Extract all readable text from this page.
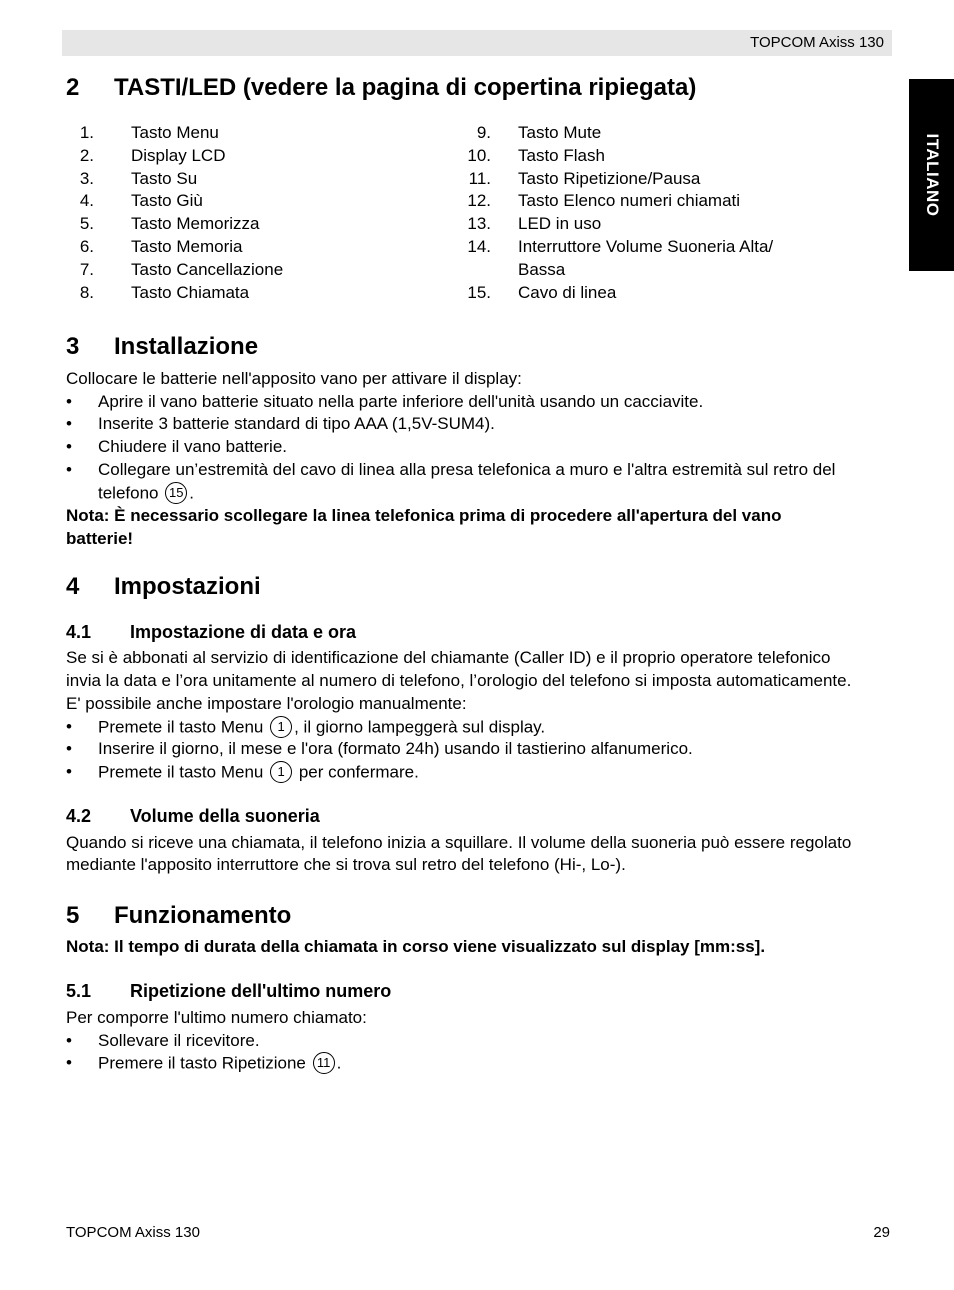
TOPCOM Axiss 130
ITALIANO
2 TASTI/LED (vedere la pagina di copertina ripiegata)
1. Tasto Menu
2. Display LCD
3. Tasto Su
4. Tasto Giù
5. Tasto Memorizza
6. Tasto Memoria
7. Tasto Cancellazione
8. Tasto Chiamata
9. Tasto Mute
10. Tasto Flash
11. Tasto Ripetizione/Pausa
12. Tasto Elenco numeri chiamati
13. LED in uso
14. Interruttore Volume Suoneria Alta/
Bassa
15. Cavo di linea
3 Installazione
Collocare le batterie nell'apposito vano per attivare il display:
• Aprire il vano batterie situato nella parte inferiore dell'unità usando un cacciavite.
• Inserite 3 batterie standard di tipo AAA (1,5V-SUM4).
• Chiudere il vano batterie.
• Collegare un’estremità del cavo di linea alla presa telefonica a muro e l'altra estremità sul retro del
telefono 15 .
Nota: È necessario scollegare la linea telefonica prima di procedere all'apertura del vano
batterie!
4 Impostazioni
4.1 Impostazione di data e ora
Se si è abbonati al servizio di identificazione del chiamante (Caller ID) e il proprio operatore telefonico
invia la data e l’ora unitamente al numero di telefono, l’orologio del telefono si imposta automaticamente.
E' possibile anche impostare l'orologio manualmente:
• Premete il tasto Menu 1 , il giorno lampeggerà sul display.
• Inserire il giorno, il mese e l'ora (formato 24h) usando il tastierino alfanumerico.
• Premete il tasto Menu 1 per confermare.
4.2 Volume della suoneria
Quando si riceve una chiamata, il telefono inizia a squillare. Il volume della suoneria può essere regolato
mediante l'apposito interruttore che si trova sul retro del telefono (Hi-, Lo-).
5 Funzionamento
Nota: Il tempo di durata della chiamata in corso viene visualizzato sul display [mm:ss].
5.1 Ripetizione dell'ultimo numero
Per comporre l'ultimo numero chiamato:
• Sollevare il ricevitore.
• Premere il tasto Ripetizione 11 .
TOPCOM Axiss 130	29
